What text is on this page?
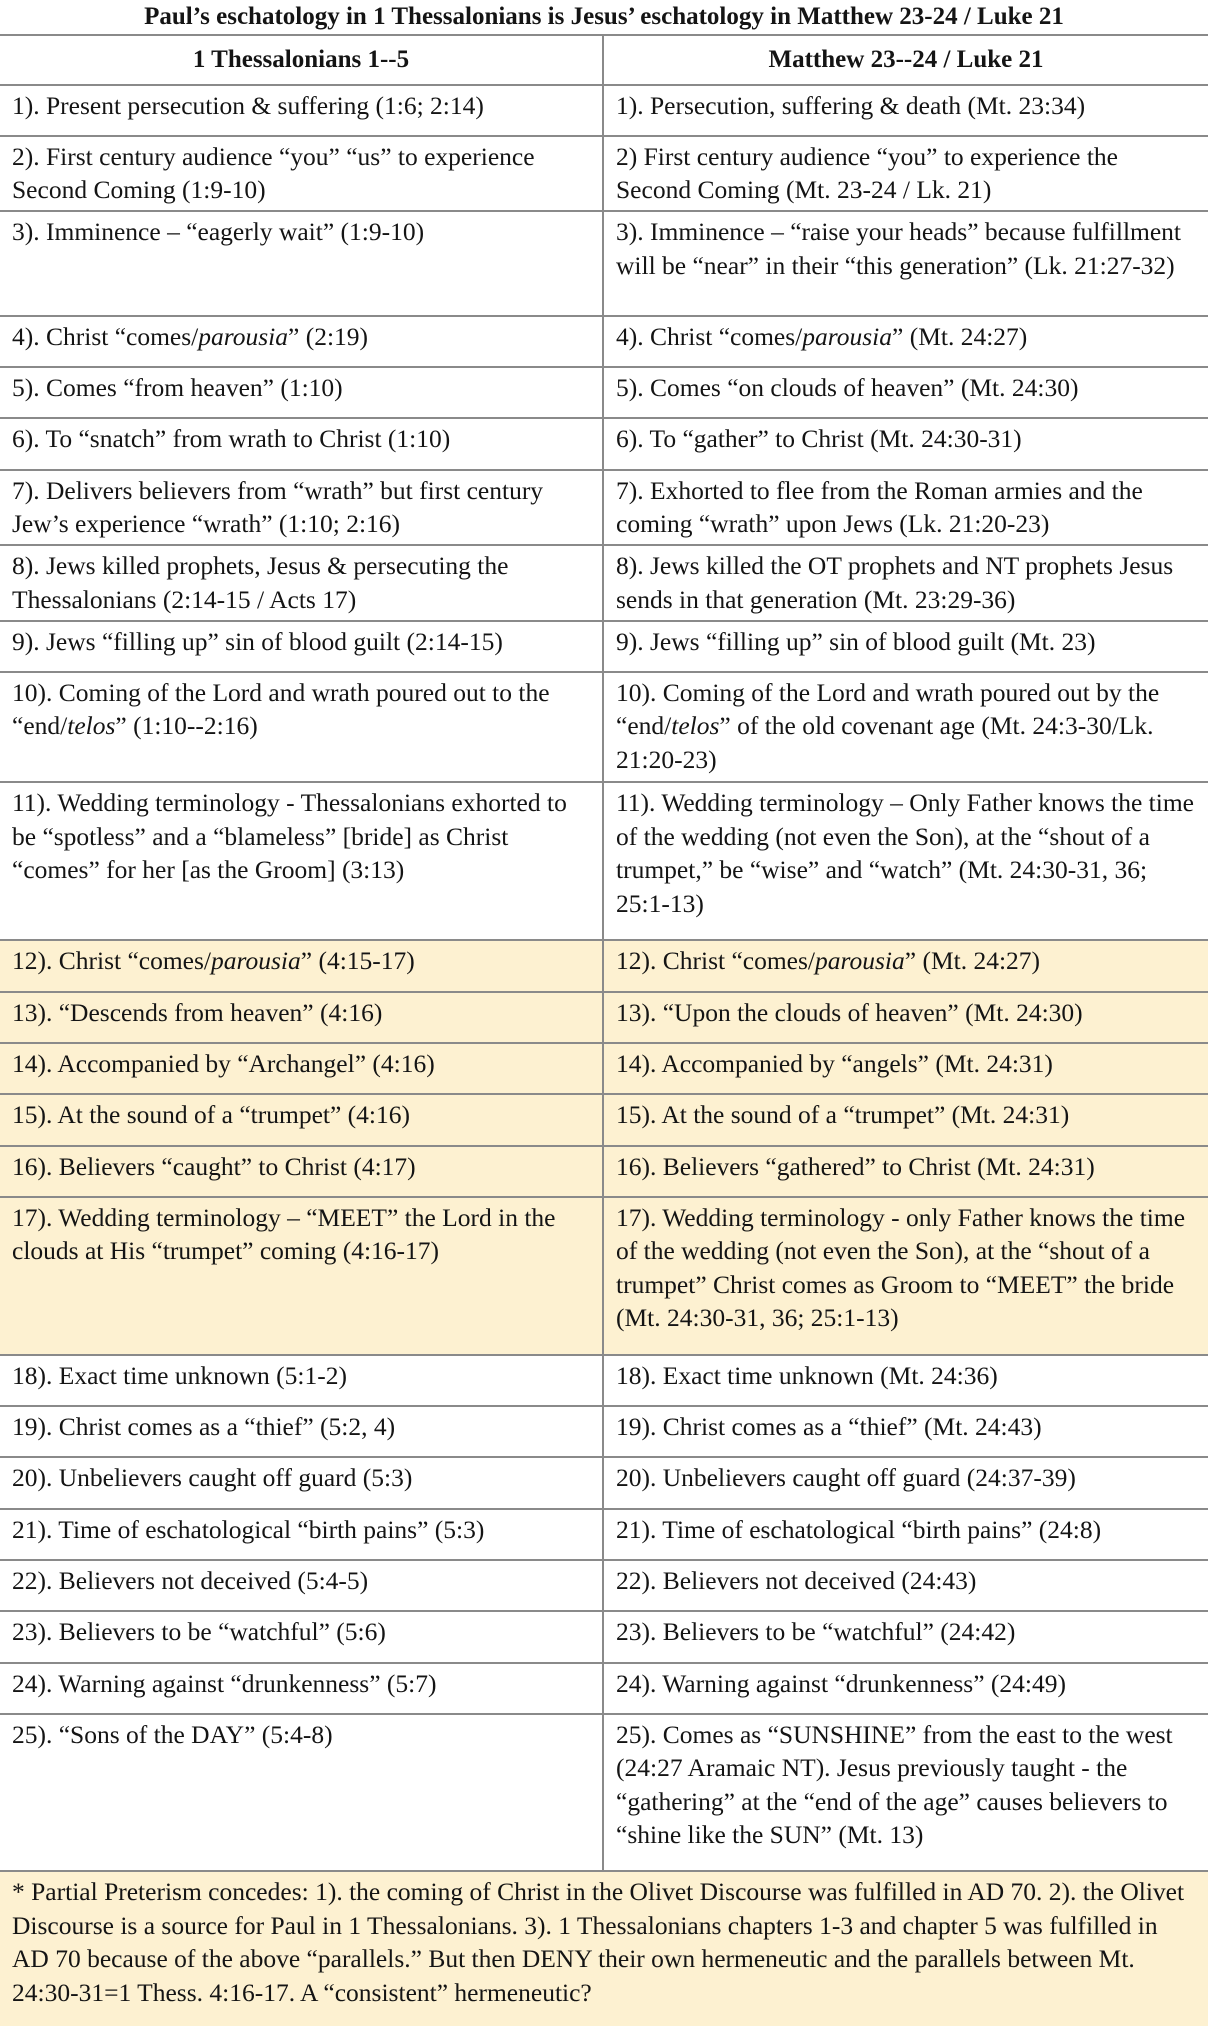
Paul’s eschatology in 1 Thessalonians is Jesus’ eschatology in Matthew 23-24 / Luke 21	
1 Thessalonians 1--5	Matthew 23--24 / Luke 21
1). Present persecution & suffering (1:6; 2:14)	1). Persecution, suffering & death (Mt. 23:34)
2). First century audience “you” “us” to experience Second Coming (1:9-10)	2) First century audience “you” to experience the Second Coming (Mt. 23-24 / Lk. 21)
3). Imminence – “eagerly wait” (1:9-10)	3). Imminence – “raise your heads” because fulfillment will be “near” in their “this generation” (Lk. 21:27-32)
4). Christ “comes/parousia” (2:19)	4). Christ “comes/parousia” (Mt. 24:27)
5). Comes “from heaven” (1:10)	5). Comes “on clouds of heaven” (Mt. 24:30)
6). To “snatch” from wrath to Christ (1:10)	6). To “gather” to Christ (Mt. 24:30-31)
7). Delivers believers from “wrath” but first century Jew’s experience “wrath” (1:10; 2:16)	7). Exhorted to flee from the Roman armies and the coming “wrath” upon Jews (Lk. 21:20-23)
8). Jews killed prophets, Jesus & persecuting the Thessalonians (2:14-15 / Acts 17)	8). Jews killed the OT prophets and NT prophets Jesus sends in that generation (Mt. 23:29-36)
9). Jews “filling up” sin of blood guilt (2:14-15)	9). Jews “filling up” sin of blood guilt (Mt. 23)
10). Coming of the Lord and wrath poured out to the “end/telos” (1:10--2:16)	10). Coming of the Lord and wrath poured out by the “end/telos” of the old covenant age (Mt. 24:3-30/Lk. 21:20-23)
11). Wedding terminology - Thessalonians exhorted to be “spotless” and a “blameless” [bride] as Christ “comes” for her [as the Groom] (3:13)	11). Wedding terminology – Only Father knows the time of the wedding (not even the Son), at the “shout of a trumpet,” be “wise” and “watch” (Mt. 24:30-31, 36; 25:1-13)
12). Christ “comes/parousia” (4:15-17)	12). Christ “comes/parousia” (Mt. 24:27)
13). “Descends from heaven” (4:16)	13). “Upon the clouds of heaven” (Mt. 24:30)
14). Accompanied by “Archangel” (4:16)	14). Accompanied by “angels” (Mt. 24:31)
15). At the sound of a “trumpet” (4:16)	15). At the sound of a “trumpet” (Mt. 24:31)
16). Believers “caught” to Christ (4:17)	16). Believers “gathered” to Christ (Mt. 24:31)
17). Wedding terminology – “MEET” the Lord in the clouds at His “trumpet” coming (4:16-17)	17). Wedding terminology - only Father knows the time of the wedding (not even the Son), at the “shout of a trumpet” Christ comes as Groom to “MEET” the bride (Mt. 24:30-31, 36; 25:1-13)
18). Exact time unknown (5:1-2)	18). Exact time unknown (Mt. 24:36)
19). Christ comes as a “thief” (5:2, 4)	19). Christ comes as a “thief” (Mt. 24:43)
20). Unbelievers caught off guard (5:3)	20). Unbelievers caught off guard (24:37-39)
21). Time of eschatological “birth pains” (5:3)	21). Time of eschatological “birth pains” (24:8)
22). Believers not deceived (5:4-5)	22). Believers not deceived (24:43)
23). Believers to be “watchful” (5:6)	23). Believers to be “watchful” (24:42)
24). Warning against “drunkenness” (5:7)	24). Warning against “drunkenness” (24:49)
25). “Sons of the DAY” (5:4-8)	25). Comes as “SUNSHINE” from the east to the west (24:27 Aramaic NT). Jesus previously taught - the “gathering” at the “end of the age” causes believers to “shine like the SUN” (Mt. 13)
* Partial Preterism concedes: 1). the coming of Christ in the Olivet Discourse was fulfilled in AD 70. 2). the Olivet Discourse is a source for Paul in 1 Thessalonians. 3). 1 Thessalonians chapters 1-3 and chapter 5 was fulfilled in AD 70 because of the above “parallels.” But then DENY their own hermeneutic and the parallels between Mt. 24:30-31=1 Thess. 4:16-17. A “consistent” hermeneutic?	
